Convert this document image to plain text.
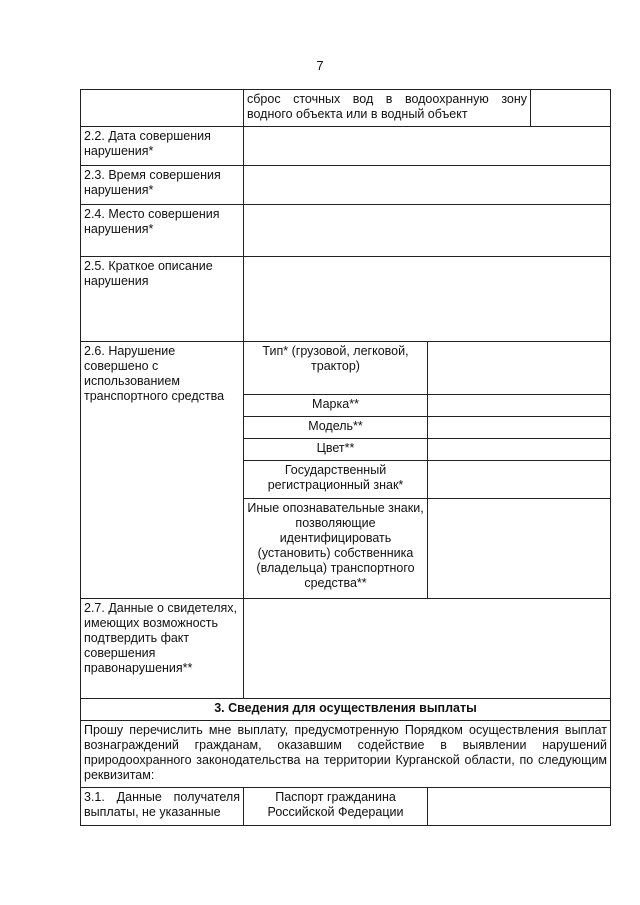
7
	сброс сточных вод в водоохранную зону водного объекта или в водный объект		
2.2. Дата совершения нарушения*			
2.3. Время совершения нарушения*			
2.4. Место совершения нарушения*			
2.5. Краткое описание нарушения			
2.6. Нарушение совершено с использованием транспортного средства	Тип* (грузовой, легковой, трактор)		
	Марка**		
	Модель**		
	Цвет**		
	Государственный регистрационный знак*		
	Иные опознавательные знаки, позволяющие идентифицировать (установить) собственника (владельца) транспортного средства**		
2.7. Данные о свидетелях, имеющих возможность подтвердить факт совершения правонарушения**			
3. Сведения для осуществления выплаты			
Прошу перечислить мне выплату, предусмотренную Порядком осуществления выплат вознаграждений гражданам, оказавшим содействие в выявлении нарушений природоохранного законодательства на территории Курганской области, по следующим реквизитам:			
3.1. Данные получателя выплаты, не указанные	Паспорт гражданина Российской Федерации		
